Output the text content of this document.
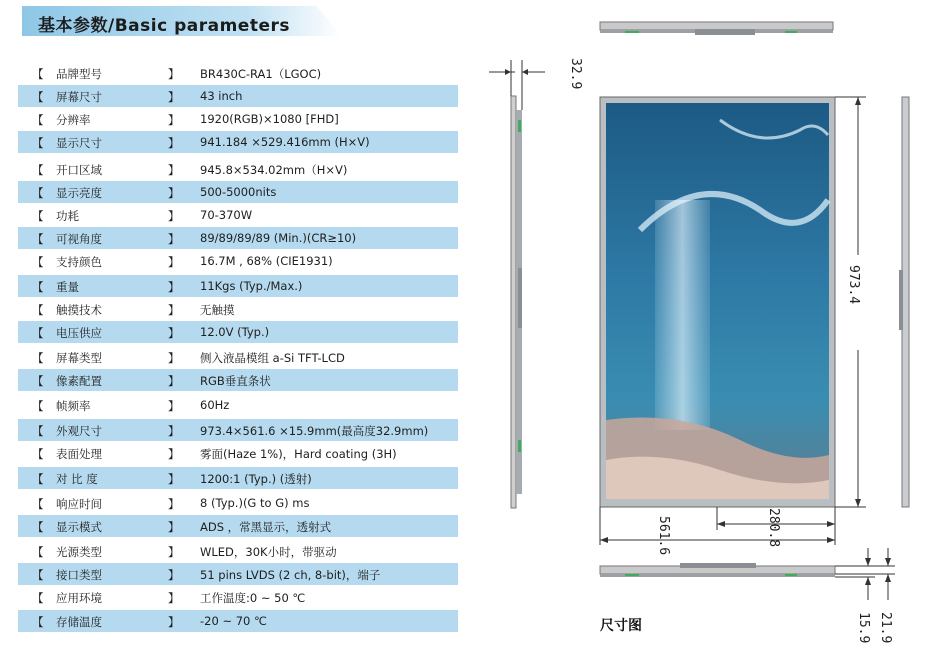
基本参数/Basic parameters
【 品牌型号	】 BR430C-RA1（LGOC)
【 屏幕尺寸	】 43 inch
【 分辨率	】 1920(RGB)×1080 [FHD]
【 显示尺寸	】 941.184 ×529.416mm (H×V)
【 开口区域	】 945.8×534.02mm（H×V)
【 显示亮度	】 500-5000nits
【 功耗	】 70-370W
【 可视角度	】 89/89/89/89 (Min.)(CR≥10)
【 支持颜色	】 16.7M , 68% (CIE1931)
【 重量	】 11Kgs (Typ./Max.)
【 触摸技术	】 无触摸
【 电压供应	】 12.0V (Typ.)
【 屏幕类型	】 侧入液晶模组 a-Si TFT-LCD
【 像素配置	】 RGB垂直条状
【 帧频率	】 60Hz
【 外观尺寸	】 973.4×561.6 ×15.9mm(最高度32.9mm)
【 表面处理	】 雾面(Haze 1%)，Hard coating (3H)
【 对 比 度	】 1200:1 (Typ.) (透射)
【 响应时间	】 8 (Typ.)(G to G) ms
【 显示模式	】 ADS ，常黑显示，透射式
【 光源类型	】 WLED，30K小时，带驱动
【 接口类型	】 51 pins LVDS (2 ch, 8-bit)，端子
【 应用环境	】 工作温度:0 ~ 50 ℃
【 存储温度	】 -20 ~ 70 ℃
32.9
973.4
280.8
561.6
15.9 21.9
尺寸图
